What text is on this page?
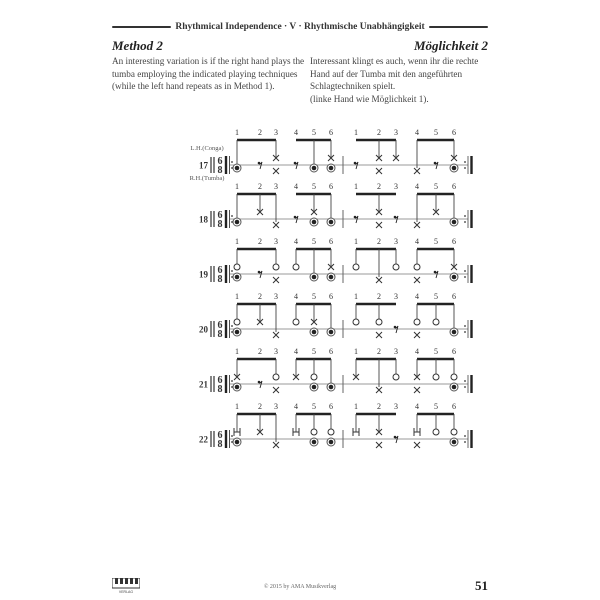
Rhythmical Independence · V · Rhythmische Unabhängigkeit
Method 2	Möglichkeit 2
An interesting variation is if the right hand plays the
tumba employing the indicated playing techniques
(while the left hand repeats as in Method 1).
Interessant klingt es auch, wenn ihr die rechte
Hand auf der Tumba mit den angeführten
Schlagtechniken spielt.
(linke Hand wie Möglichkeit 1).
17 6
8
1 2 3 4 5 6	1 2 3 4 5 6
L.H.(Conga)
R.H.(Tumba)
18 6
8
1 2 3 4 5 6	1 2 3 4 5 6
19 6
8
1 2 3 4 5 6	1 2 3 4 5 6
20 6
8
1 2 3 4 5 6	1 2 3 4 5 6
21 6
8
1 2 3 4 5 6	1 2 3 4 5 6
22 6
8
1 2 3 4 5 6	1 2 3 4 5 6
VERLAG
© 2015 by AMA Musikverlag	51
